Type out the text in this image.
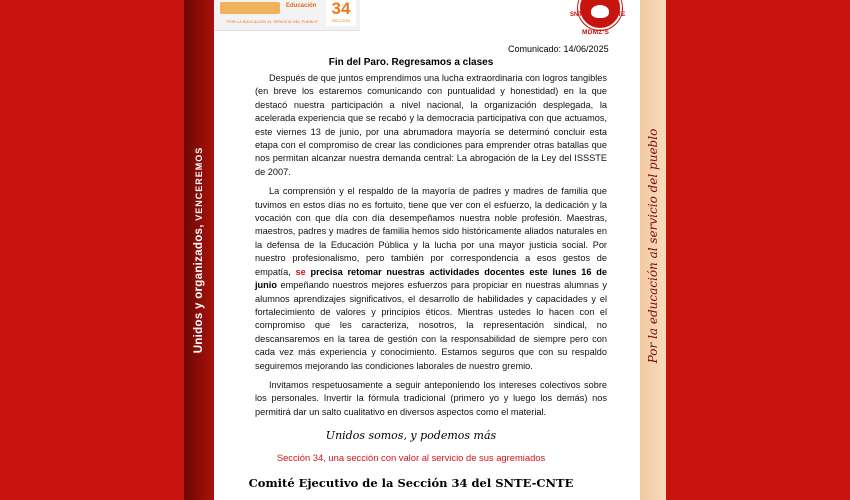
Unidos y organizados, VENCEREMOS	Por la educación al servicio del pueblo
Educación
"POR LA EDUCACIÓN AL SERVICIO DEL PUEBLO"
34
SECCIÓN
SNTE	CNTE
MDMZ'S
Comunicado: 14/06/2025
Fin del Paro. Regresamos a clases

Después de que juntos emprendimos una lucha extraordinaria con logros tangibles (en breve los estaremos comunicando con puntualidad y honestidad) en la que destacó nuestra participación a nivel nacional, la organización desplegada, la acelerada experiencia que se recabó y la democracia participativa con que actuamos, este viernes 13 de junio, por una abrumadora mayoría se determinó concluir esta etapa con el compromiso de crear las condiciones para emprender otras batallas que nos permitan alcanzar nuestra demanda central: La abrogación de la Ley del ISSSTE de 2007.

La comprensión y el respaldo de la mayoría de padres y madres de familia que tuvimos en estos días no es fortuito, tiene que ver con el esfuerzo, la dedicación y la vocación con que día con día desempeñamos nuestra noble profesión. Maestras, maestros, padres y madres de familia hemos sido históricamente aliados naturales en la defensa de la Educación Pública y la lucha por una mayor justicia social. Por nuestro profesionalismo, pero también por correspondencia a esos gestos de empatía, se precisa retomar nuestras actividades docentes este lunes 16 de junio empeñando nuestros mejores esfuerzos para propiciar en nuestras alumnas y alumnos aprendizajes significativos, el desarrollo de habilidades y capacidades y el fortalecimiento de valores y principios éticos. Mientras ustedes lo hacen con el compromiso que les caracteriza, nosotros, la representación sindical, no descansaremos en la tarea de gestión con la responsabilidad de siempre pero con cada vez más experiencia y conocimiento. Estamos seguros que con su respaldo seguiremos mejorando las condiciones laborales de nuestro gremio.

Invitamos respetuosamente a seguir anteponiendo los intereses colectivos sobre los personales. Invertir la fórmula tradicional (primero yo y luego los demás) nos permitirá dar un salto cualitativo en diversos aspectos como el material.

Unidos somos, y podemos más
Sección 34, una sección con valor al servicio de sus agremiados
Comité Ejecutivo de la Sección 34 del SNTE-CNTE
